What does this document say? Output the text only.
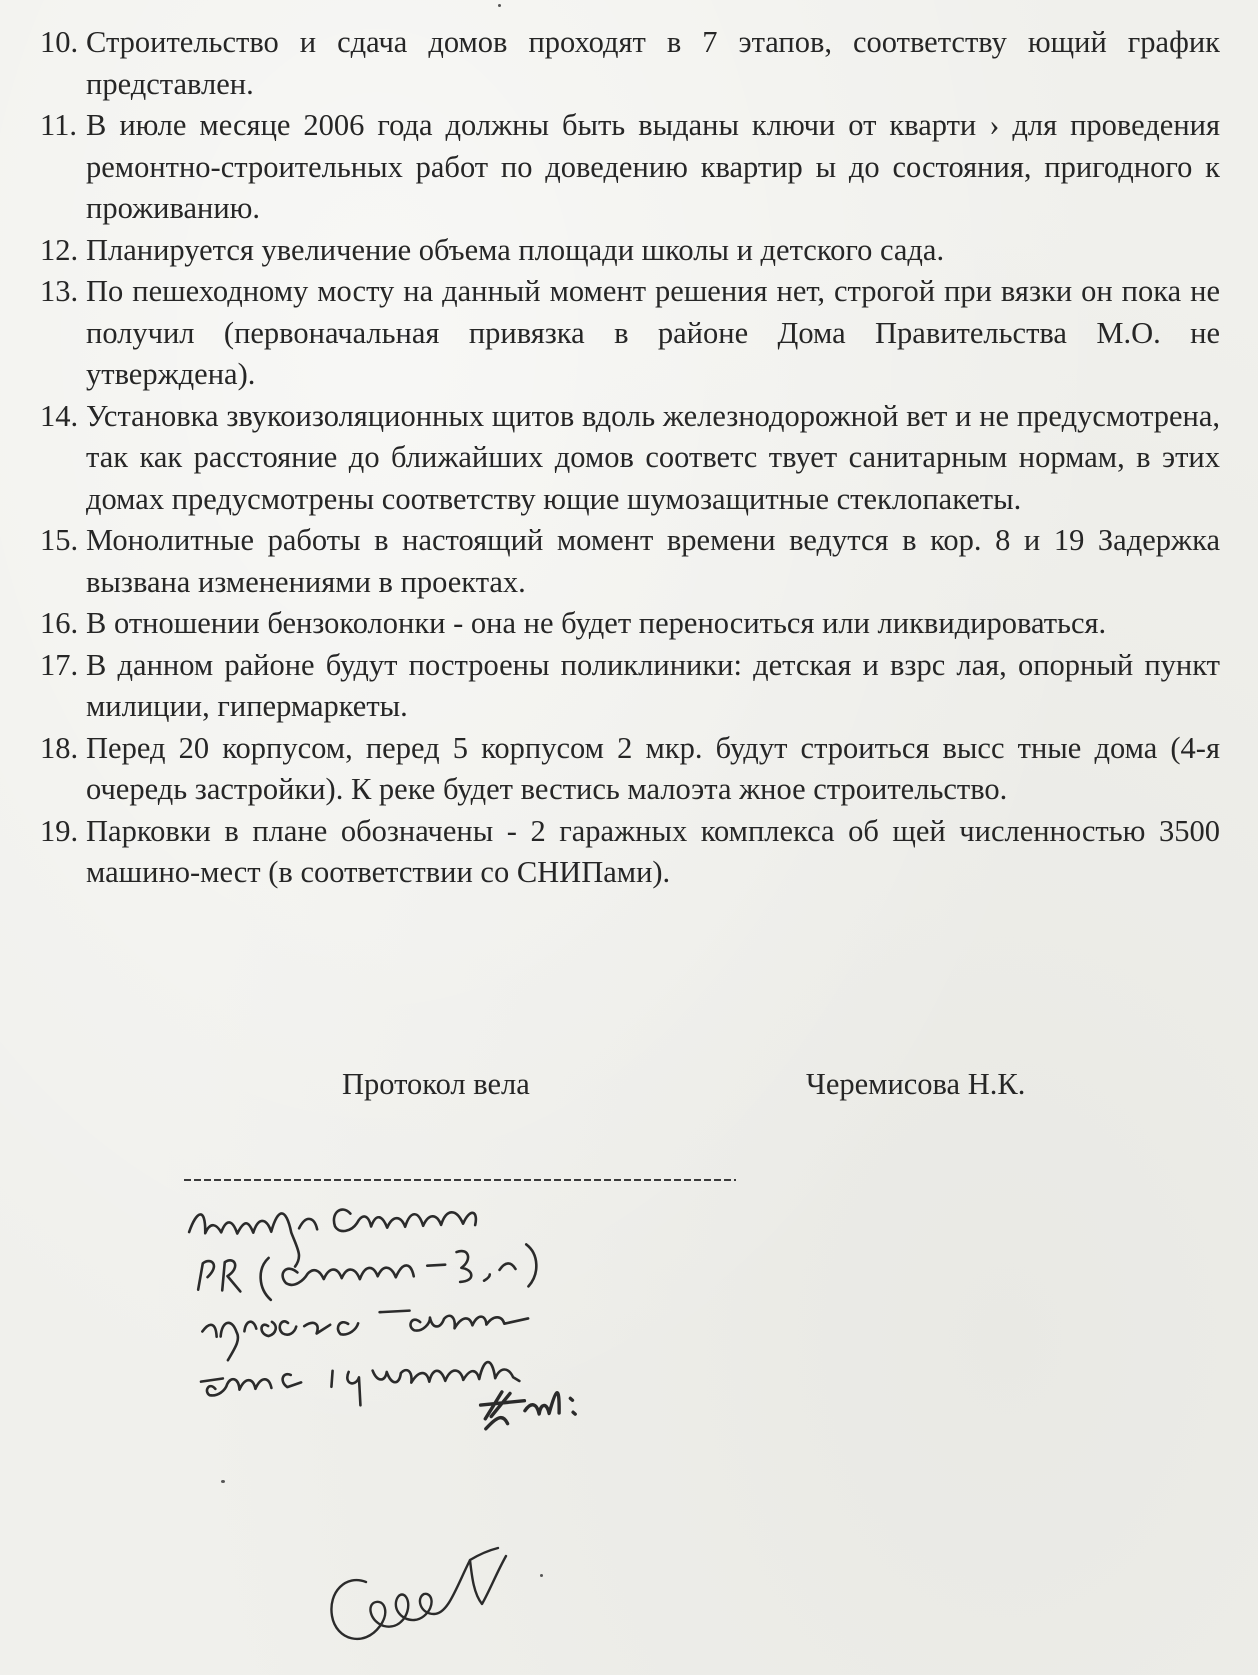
10. Строительство и сдача домов проходят в 7 этапов, соответству ющий график представлен.
11. В июле месяце 2006 года должны быть выданы ключи от кварти › для проведения ремонтно-строительных работ по доведению квартир ы до состояния, пригодного к проживанию.
12. Планируется увеличение объема площади школы и детского сада.
13. По пешеходному мосту на данный момент решения нет, строгой при вязки он пока не получил (первоначальная привязка в районе Дома Правительства М.О. не утверждена).
14. Установка звукоизоляционных щитов вдоль железнодорожной вет и не предусмотрена, так как расстояние до ближайших домов соответс твует санитарным нормам, в этих домах предусмотрены соответству ющие шумозащитные стеклопакеты.
15. Монолитные работы в настоящий момент времени ведутся в кор. 8 и 19 Задержка вызвана изменениями в проектах.
16. В отношении бензоколонки - она не будет переноситься или ликвидироваться.
17. В данном районе будут построены поликлиники: детская и взрс лая, опорный пункт милиции, гипермаркеты.
18. Перед 20 корпусом, перед 5 корпусом 2 мкр. будут строиться высс тные дома (4-я очередь застройки). К реке будет вестись малоэта жное строительство.
19. Парковки в плане обозначены - 2 гаражных комплекса об щей численностью 3500 машино-мест (в соответствии со СНИПами).
Протокол вела	Черемисова Н.К.
